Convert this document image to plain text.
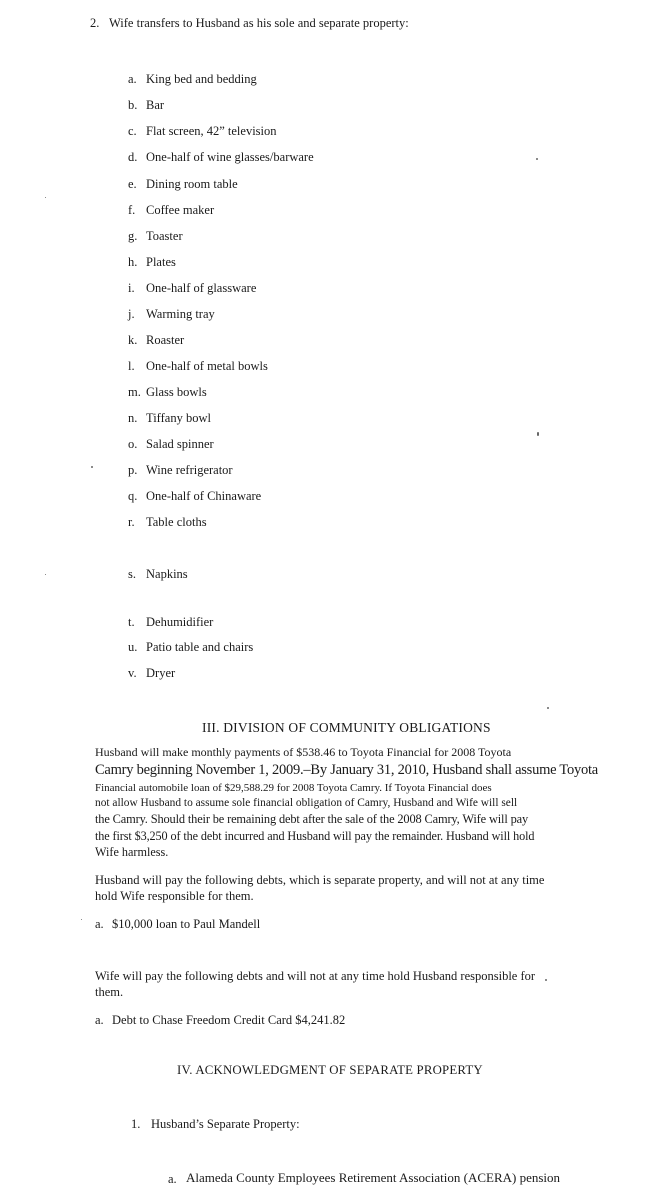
2. Wife transfers to Husband as his sole and separate property:
a. King bed and bedding
b. Bar
c. Flat screen, 42” television
d. One-half of wine glasses/barware
e. Dining room table
f. Coffee maker
g. Toaster
h. Plates
i. One-half of glassware
j. Warming tray
k. Roaster
l. One-half of metal bowls
m. Glass bowls
n. Tiffany bowl
o. Salad spinner
p. Wine refrigerator
q. One-half of Chinaware
r. Table cloths
s. Napkins
t. Dehumidifier
u. Patio table and chairs
v. Dryer
III. DIVISION OF COMMUNITY OBLIGATIONS
Husband will make monthly payments of $538.46 to Toyota Financial for 2008 Toyota
Camry beginning November 1, 2009.–By January 31, 2010, Husband shall assume Toyota
Financial automobile loan of $29,588.29 for 2008 Toyota Camry. If Toyota Financial does
not allow Husband to assume sole financial obligation of Camry, Husband and Wife will sell
the Camry. Should their be remaining debt after the sale of the 2008 Camry, Wife will pay
the first $3,250 of the debt incurred and Husband will pay the remainder. Husband will hold
Wife harmless.
Husband will pay the following debts, which is separate property, and will not at any time hold Wife responsible for them.
a. $10,000 loan to Paul Mandell
Wife will pay the following debts and will not at any time hold Husband responsible for them.
a. Debt to Chase Freedom Credit Card $4,241.82
IV. ACKNOWLEDGMENT OF SEPARATE PROPERTY
1. Husband’s Separate Property:
a. Alameda County Employees Retirement Association (ACERA) pension
